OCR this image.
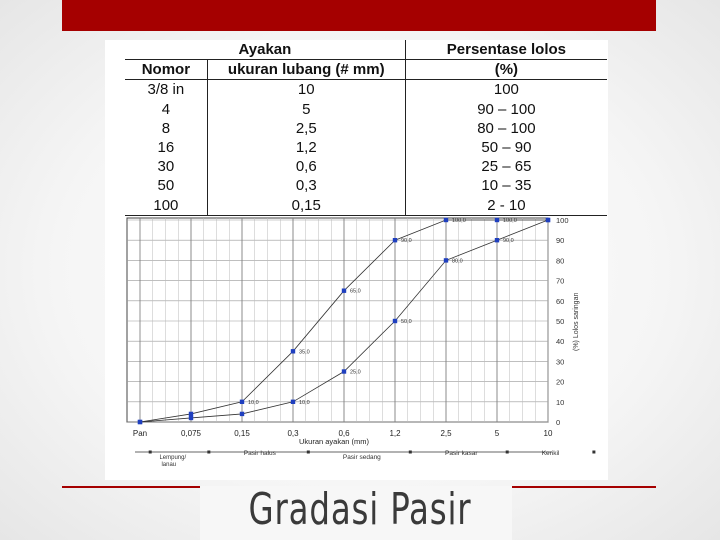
Ayakan		Persentase lolos
Nomor	ukuran lubang (# mm)	(%)
3/8 in	10	100
4	5	90 – 100
8	2,5	80 – 100
16	1,2	50 – 90
30	0,6	25 – 65
50	0,3	10 – 35
100	0,15	2 - 10
0
10
20
30
40
50
60
70
80
90
100
(%) Lolos saringan
Pan	0,075	0,15	0,3	0,6	1,2	2,5	5	10
Ukuran ayakan (mm)
10,0
35,0
65,0
90,0
100,0	100,0
10,0
25,0
50,0
80,0
90,0
Lempung/
lanau
Pasir halus
Pasir sedang
Pasir kasar	Kerikil
Gradasi Pasir
